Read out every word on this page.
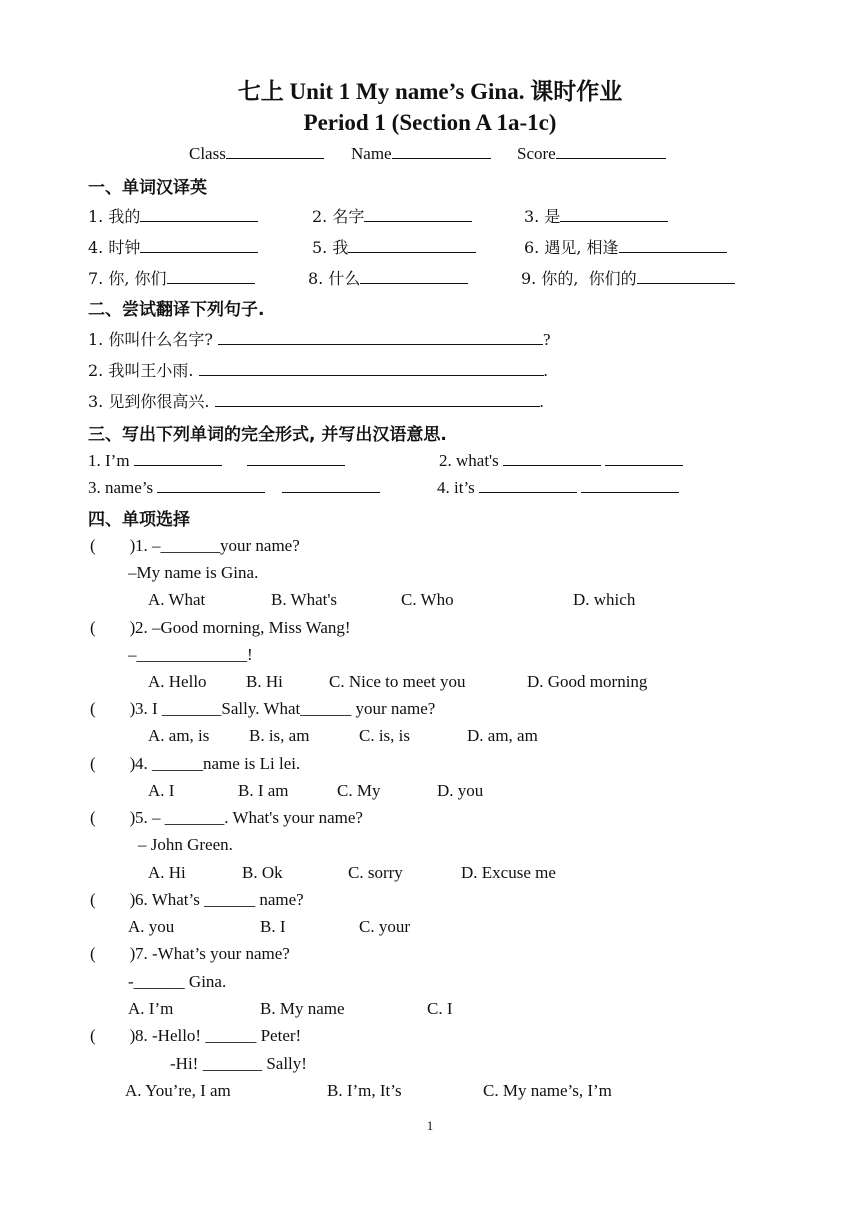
七上 Unit 1 My name’s Gina. 课时作业
Period 1 (Section A 1a-1c)
Class	Name	Score
一、单词汉译英
1. 我的	2. 名字	3. 是
4. 时钟	5. 我	6. 遇见, 相逢
7. 你, 你们	8. 什么	9. 你的,  你们的
二、尝试翻译下列句子.
1. 你叫什么名字?	?
2. 我叫王小雨.	.
3. 见到你很高兴.	.
三、写出下列单词的完全形式, 并写出汉语意思.
1. I’m	2. what's
3. name’s	4. it’s
四、单项选择
(        ) 1. –_______your name?
–My name is Gina.
A. What	B. What's	C. Who	D. which
(        ) 2. –Good morning, Miss Wang!
–_____________!
A. Hello B. Hi	C. Nice to meet you	D. Good morning
(        ) 3. I _______Sally. What______ your name?
A. am, is B. is, am	C. is, is	D. am, am
(        ) 4. ______name is Li lei.
A. I	B. I am	C. My	D. you
(        ) 5. – _______. What's your name?
– John Green.
A. Hi	B. Ok	C. sorry	D. Excuse me
(        ) 6. What’s ______ name?
A. you	B. I	C. your
(        ) 7. -What’s your name?
-______ Gina.
A. I’m	B. My name	C. I
(        ) 8. -Hello! ______ Peter!
-Hi! _______ Sally!
A. You’re, I am	B. I’m, It’s	C. My name’s, I’m
1
